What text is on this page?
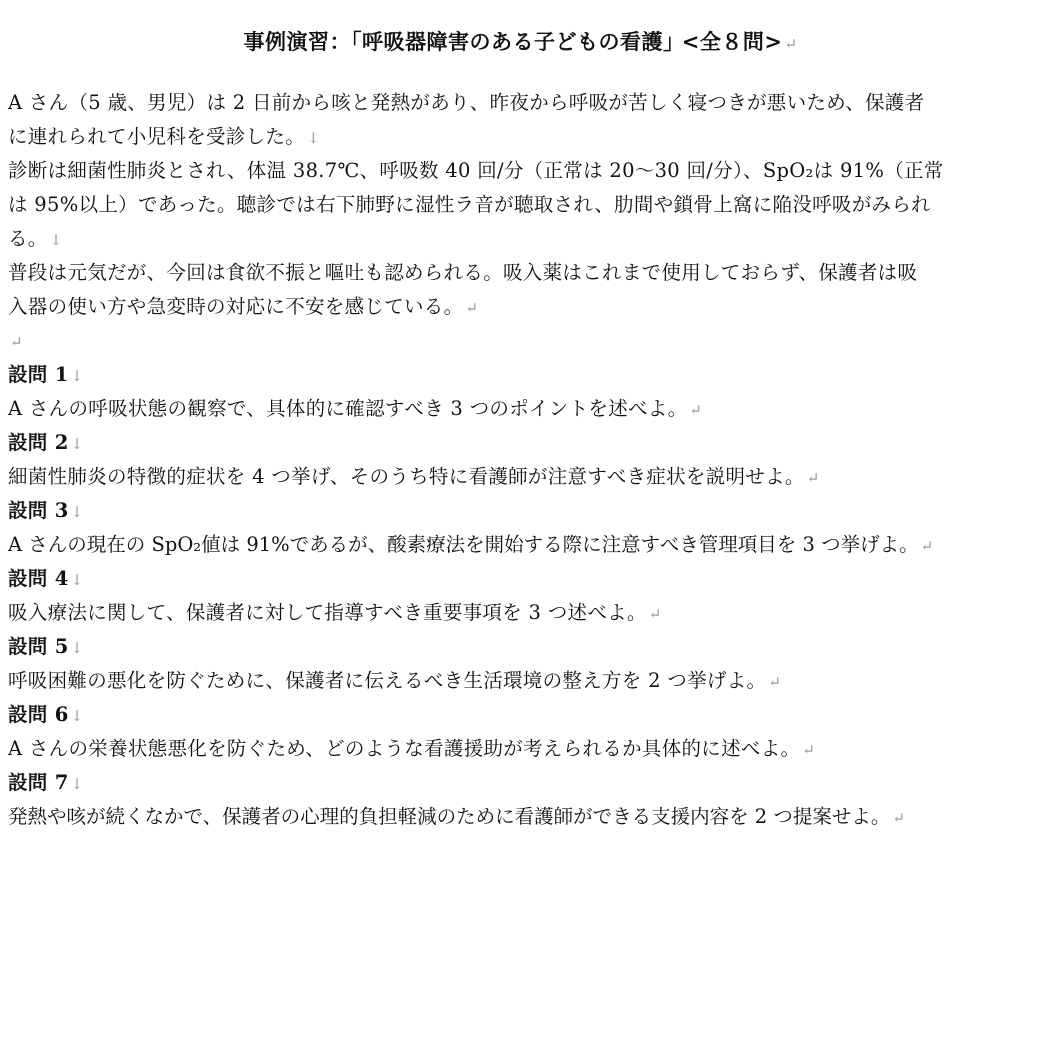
事例演習：｢呼吸器障害のある子どもの看護｣ <全８問> ↵
A さん（5 歳、男児）は 2 日前から咳と発熱があり、昨夜から呼吸が苦しく寝つきが悪いため、保護者
に連れられて小児科を受診した。 ↓
診断は細菌性肺炎とされ、体温 38.7℃、呼吸数 40 回/分（正常は 20〜30 回/分）、SpO₂は 91%（正常
は 95%以上）であった。聴診では右下肺野に湿性ラ音が聴取され、肋間や鎖骨上窩に陥没呼吸がみられ
る。 ↓
普段は元気だが、今回は食欲不振と嘔吐も認められる。吸入薬はこれまで使用しておらず、保護者は吸
入器の使い方や急変時の対応に不安を感じている。 ↵
↵
設問 1 ↓
A さんの呼吸状態の観察で、具体的に確認すべき 3 つのポイントを述べよ。 ↵
設問 2 ↓
細菌性肺炎の特徴的症状を 4 つ挙げ、そのうち特に看護師が注意すべき症状を説明せよ。 ↵
設問 3 ↓
A さんの現在の SpO₂値は 91%であるが、酸素療法を開始する際に注意すべき管理項目を 3 つ挙げよ。 ↵
設問 4 ↓
吸入療法に関して、保護者に対して指導すべき重要事項を 3 つ述べよ。 ↵
設問 5 ↓
呼吸困難の悪化を防ぐために、保護者に伝えるべき生活環境の整え方を 2 つ挙げよ。 ↵
設問 6 ↓
A さんの栄養状態悪化を防ぐため、どのような看護援助が考えられるか具体的に述べよ。 ↵
設問 7 ↓
発熱や咳が続くなかで、保護者の心理的負担軽減のために看護師ができる支援内容を 2 つ提案せよ。 ↵
